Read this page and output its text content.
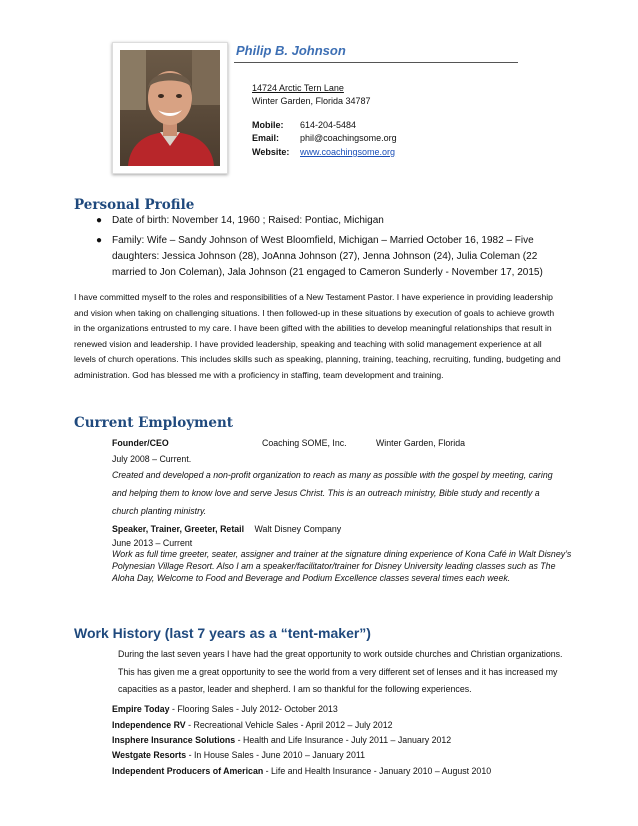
Philip B. Johnson
14724 Arctic Tern Lane
Winter Garden, Florida 34787
Mobile:	614-204-5484
Email:	phil@coachingsome.org
Website:	www.coachingsome.org
Personal Profile
● Date of birth: November 14, 1960 ; Raised: Pontiac, Michigan
● Family: Wife – Sandy Johnson of West Bloomfield, Michigan – Married October 16, 1982 – Five daughters: Jessica Johnson (28), JoAnna Johnson (27), Jenna Johnson (24), Julia Coleman (22 married to Jon Coleman), Jala Johnson (21 engaged to Cameron Sunderly - November 17, 2015)
I have committed myself to the roles and responsibilities of a New Testament Pastor. I have experience in providing leadership and vision when taking on challenging situations. I then followed-up in these situations by execution of goals to achieve growth in the organizations entrusted to my care. I have been gifted with the abilities to develop meaningful relationships that result in renewed vision and leadership. I have provided leadership, speaking and teaching with solid management experience at all levels of church operations. This includes skills such as speaking, planning, training, teaching, recruiting, funding, budgeting and administration. God has blessed me with a proficiency in staffing, team development and training.
Current Employment
Founder/CEO	Coaching SOME, Inc.	Winter Garden, Florida
July 2008 – Current.
Created and developed a non-profit organization to reach as many as possible with the gospel by meeting, caring and helping them to know love and serve Jesus Christ. This is an outreach ministry, Bible study and recently a church planting ministry.
Speaker, Trainer, Greeter, Retail Walt Disney Company
June 2013 – Current
Work as full time greeter, seater, assigner and trainer at the signature dining experience of Kona Café in Walt Disney’s Polynesian Village Resort. Also I am a speaker/facilitator/trainer for Disney University leading classes such as The Aloha Day, Welcome to Food and Beverage and Podium Excellence classes several times each week.
Work History (last 7 years as a “tent-maker”)
During the last seven years I have had the great opportunity to work outside churches and Christian organizations. This has given me a great opportunity to see the world from a very different set of lenses and it has increased my capacities as a pastor, leader and shepherd. I am so thankful for the following experiences.
Empire Today - Flooring Sales - July 2012- October 2013
Independence RV - Recreational Vehicle Sales - April 2012 – July 2012
Insphere Insurance Solutions - Health and Life Insurance - July 2011 – January 2012
Westgate Resorts - In House Sales - June 2010 – January 2011
Independent Producers of American - Life and Health Insurance - January 2010 – August 2010
